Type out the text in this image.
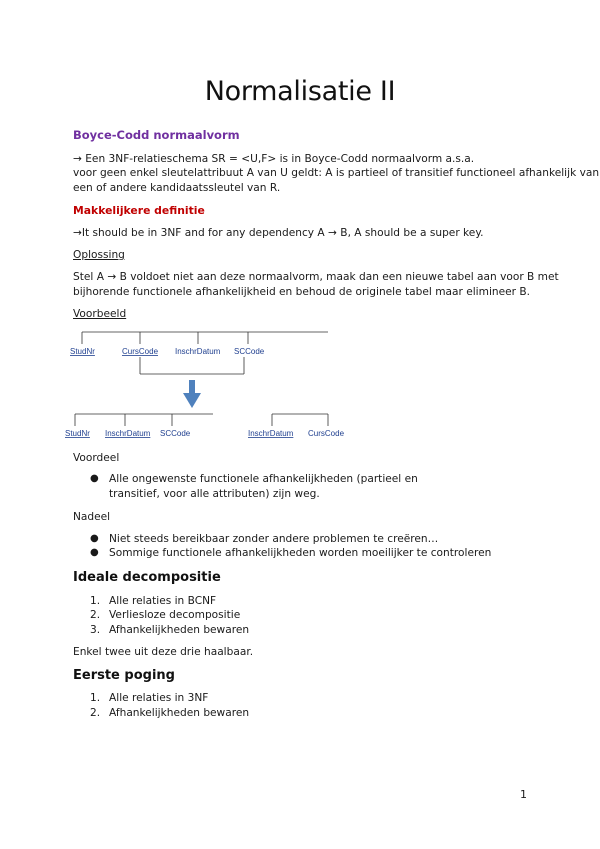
Normalisatie II
Boyce-Codd normaalvorm
→ Een 3NF-relatieschema SR = <U,F> is in Boyce-Codd normaalvorm a.s.a.
voor geen enkel sleutelattribuut A van U geldt: A is partieel of transitief functioneel afhankelijk van
een of andere kandidaatssleutel van R.
Makkelijkere definitie
→It should be in 3NF and for any dependency A → B, A should be a super key.
Oplossing
Stel A → B voldoet niet aan deze normaalvorm, maak dan een nieuwe tabel aan voor B met
bijhorende functionele afhankelijkheid en behoud de originele tabel maar elimineer B.
Voorbeeld
StudNr	CursCode InschrDatum SCCode
StudNr InschrDatum SCCode	InschrDatum CursCode
Voordeel
● Alle ongewenste functionele afhankelijkheden (partieel en
transitief, voor alle attributen) zijn weg.
Nadeel
● Niet steeds bereikbaar zonder andere problemen te creëren…
● Sommige functionele afhankelijkheden worden moeilijker te controleren
Ideale decompositie
1. Alle relaties in BCNF
2. Verliesloze decompositie
3. Afhankelijkheden bewaren
Enkel twee uit deze drie haalbaar.
Eerste poging
1. Alle relaties in 3NF
2. Afhankelijkheden bewaren
1
